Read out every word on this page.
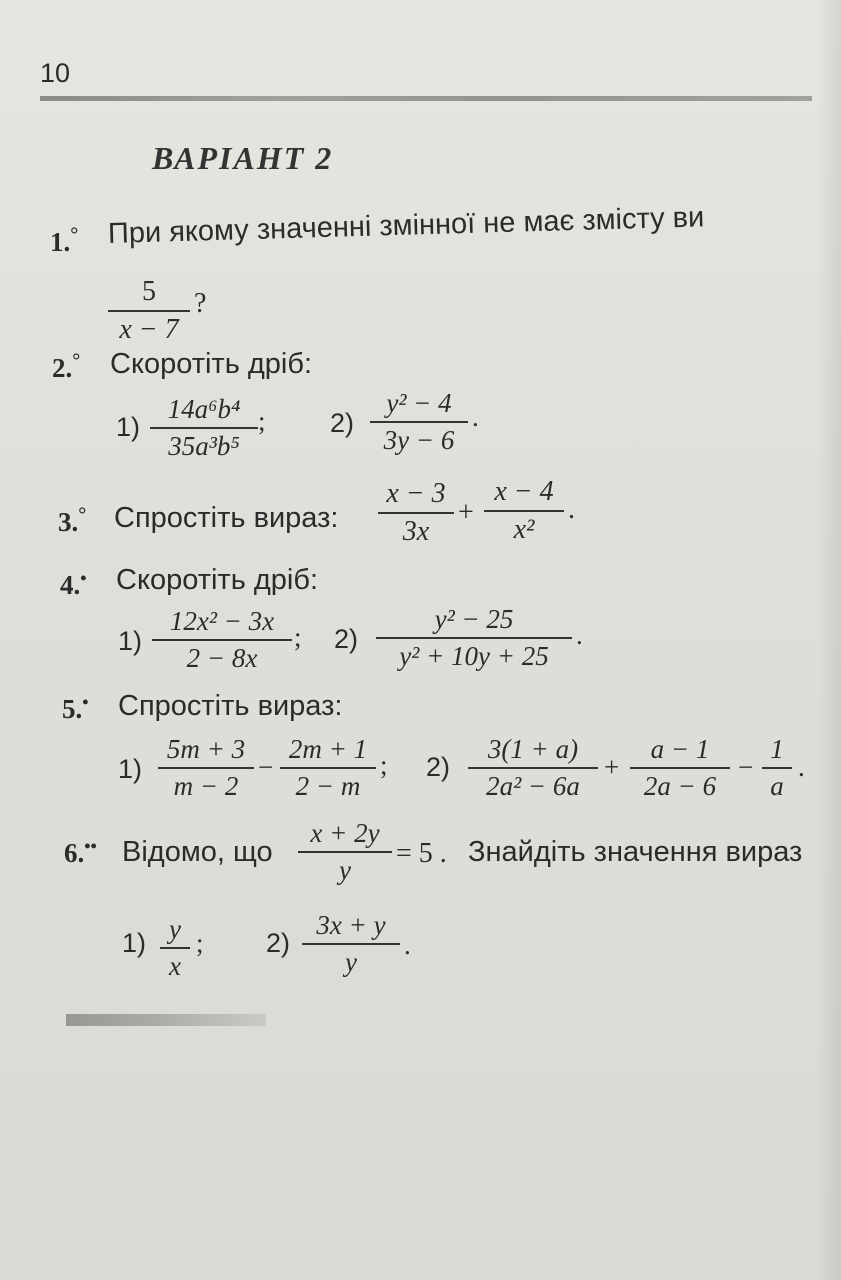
10
ВАРІАНТ 2
1.° При якому значенні змінної не має змісту ви
5
x − 7
?
2.° Скоротіть дріб:
1)
14a⁶b⁴
35a³b⁵
; 2)
y² − 4
3y − 6
.
3.° Спростіть вираз:
x − 3
3x
+
x − 4
x²
.
4.• Скоротіть дріб:
1)
12x² − 3x
2 − 8x
; 2)
y² − 25
y² + 10y + 25
.
5.• Спростіть вираз:
1)
5m + 3
m − 2
−
2m + 1
2 − m
; 2)
3(1 + a)
2a² − 6a
+
a − 1
2a − 6
−
1
a
.
6.•• Відомо, що
x + 2y
y
= 5 . Знайдіть значення вираз
1) y
x
; 2)
3x + y
y
.
